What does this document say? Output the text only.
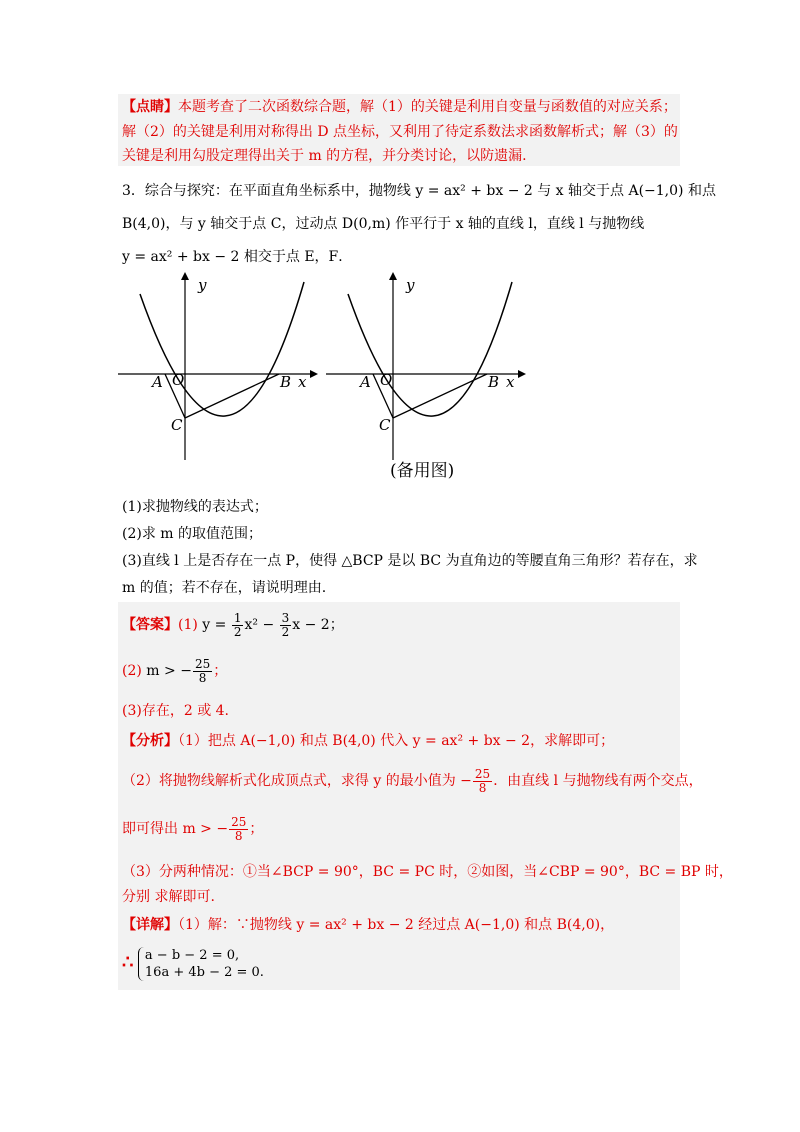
【点睛】本题考查了二次函数综合题，解（1）的关键是利用自变量与函数值的对应关系；
解（2）的关键是利用对称得出 D 点坐标，又利用了待定系数法求函数解析式；解（3）的
关键是利用勾股定理得出关于 m 的方程，并分类讨论，以防遗漏.
3．综合与探究：在平面直角坐标系中，抛物线 y = ax² + bx − 2 与 x 轴交于点 A(−1,0) 和点
B(4,0)，与 y 轴交于点 C，过动点 D(0,m) 作平行于 x 轴的直线 l，直线 l 与抛物线
y = ax² + bx − 2 相交于点 E，F．
y
x
A O	B
C
y
x
A O	B
C
(备用图)
(1)求抛物线的表达式；
(2)求 m 的取值范围；
(3)直线 l 上是否存在一点 P，使得 △BCP 是以 BC 为直角边的等腰直角三角形？若存在，求
m 的值；若不存在，请说明理由.
【答案】(1) $y = \frac{1}{2} x^2 - \frac{3}{2}$ x − 2；
(2) m > − $\frac{25}{8}$ ；
(3)存在，2 或 4.
【分析】（1）把点 A(−1,0) 和点 B(4,0) 代入 y = ax² + bx − 2，求解即可；
（2）将抛物线解析式化成顶点式，求得 y 的最小值为 − $\frac{25}{8}$ ．由直线 l 与抛物线有两个交点，
即可得出 m > − $\frac{25}{8}$ ；
（3）分两种情况：①当∠BCP = 90°，BC = PC 时，②如图，当∠CBP = 90°，BC = BP 时，
分别 求解即可.
【详解】（1）解：∵抛物线 y = ax² + bx − 2 经过点 A(−1,0) 和点 B(4,0)，
∴ a − b − 2 = 0,
16a + 4b − 2 = 0.
